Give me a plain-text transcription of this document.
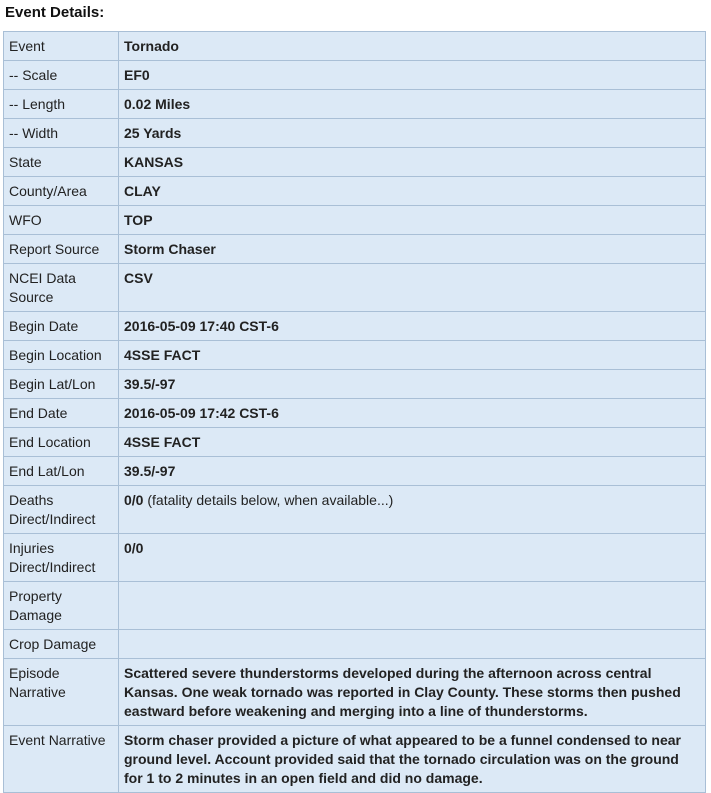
Event Details:
Event	Tornado
-- Scale	EF0
-- Length	0.02 Miles
-- Width	25 Yards
State	KANSAS
County/Area	CLAY
WFO	TOP
Report Source	Storm Chaser
NCEI Data Source	CSV
Begin Date	2016-05-09 17:40 CST-6
Begin Location	4SSE FACT
Begin Lat/Lon	39.5/-97
End Date	2016-05-09 17:42 CST-6
End Location	4SSE FACT
End Lat/Lon	39.5/-97
Deaths Direct/Indirect	0/0 (fatality details below, when available...)
Injuries Direct/Indirect	0/0
Property Damage	
Crop Damage	
Episode Narrative	Scattered severe thunderstorms developed during the afternoon across central Kansas. One weak tornado was reported in Clay County. These storms then pushed eastward before weakening and merging into a line of thunderstorms.
Event Narrative	Storm chaser provided a picture of what appeared to be a funnel condensed to near ground level. Account provided said that the tornado circulation was on the ground for 1 to 2 minutes in an open field and did no damage.
